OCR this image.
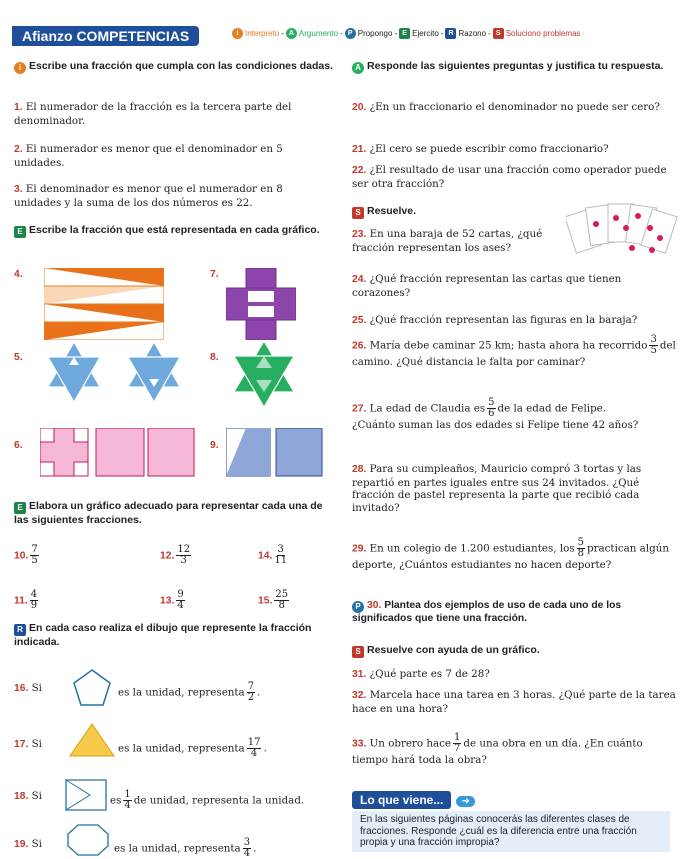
Afianzo COMPETENCIAS	i Interpreto - A Argumento - P Propongo - E Ejercito - R Razono - S Soluciono problemas
i Escribe una fracción que cumpla con las condiciones dadas.
1. El numerador de la fracción es la tercera parte del denominador.
2. El numerador es menor que el denominador en 5 unidades.
3. El denominador es menor que el numerador en 8 unidades y la suma de los dos números es 22.
E Escribe la fracción que está representada en cada gráfico.
4.	7.
5.	8.
6.	9.
E Elabora un gráfico adecuado para representar cada una de las siguientes fracciones.
10. $\frac{7}{5}$	12. $\frac{12}{3}$	14. $\frac{3}{11}$
11. $\frac{4}{9}$	13. $\frac{9}{4}$	15. $\frac{25}{8}$
R En cada caso realiza el dibujo que represente la fracción indicada.
16. Si	es la unidad, representa $\frac{7}{2}$ .
17. Si	es la unidad, representa $\frac{17}{4}$ .
18. Si	es $\frac{1}{4}$ de unidad, representa la unidad.
19. Si	es la unidad, representa $\frac{3}{4}$ .
A Responde las siguientes preguntas y justifica tu respuesta.
20. ¿En un fraccionario el denominador no puede ser cero?
21. ¿El cero se puede escribir como fraccionario?
22. ¿El resultado de usar una fracción como operador puede ser otra fracción?
S Resuelve.
23. En una baraja de 52 cartas, ¿qué fracción representan los ases?
24. ¿Qué fracción representan las cartas que tienen corazones?
25. ¿Qué fracción representan las figuras en la baraja?
26. María debe caminar 25 km; hasta ahora ha recorrido $\frac{3}{5}$ del camino. ¿Qué distancia le falta por caminar?
27. La edad de Claudia es $\frac{5}{6}$ de la edad de Felipe.
¿Cuánto suman las dos edades si Felipe tiene 42 años?
28. Para su cumpleaños, Mauricio compró 3 tortas y las repartió en partes iguales entre sus 24 invitados. ¿Qué fracción de pastel representa la parte que recibió cada invitado?
29. En un colegio de 1.200 estudiantes, los $\frac{5}{8}$ practican algún deporte, ¿Cuántos estudiantes no hacen deporte?
P 30. Plantea dos ejemplos de uso de cada uno de los significados que tiene una fracción.
S Resuelve con ayuda de un gráfico.
31. ¿Qué parte es 7 de 28?
32. Marcela hace una tarea en 3 horas. ¿Qué parte de la tarea hace en una hora?
33. Un obrero hace $\frac{1}{7}$ de una obra en un día. ¿En cuánto tiempo hará toda la obra?
Lo que viene... ➜
En las siguientes páginas conocerás las diferentes clases de fracciones. Responde ¿cuál es la diferencia entre una fracción propia y una fracción impropia?
